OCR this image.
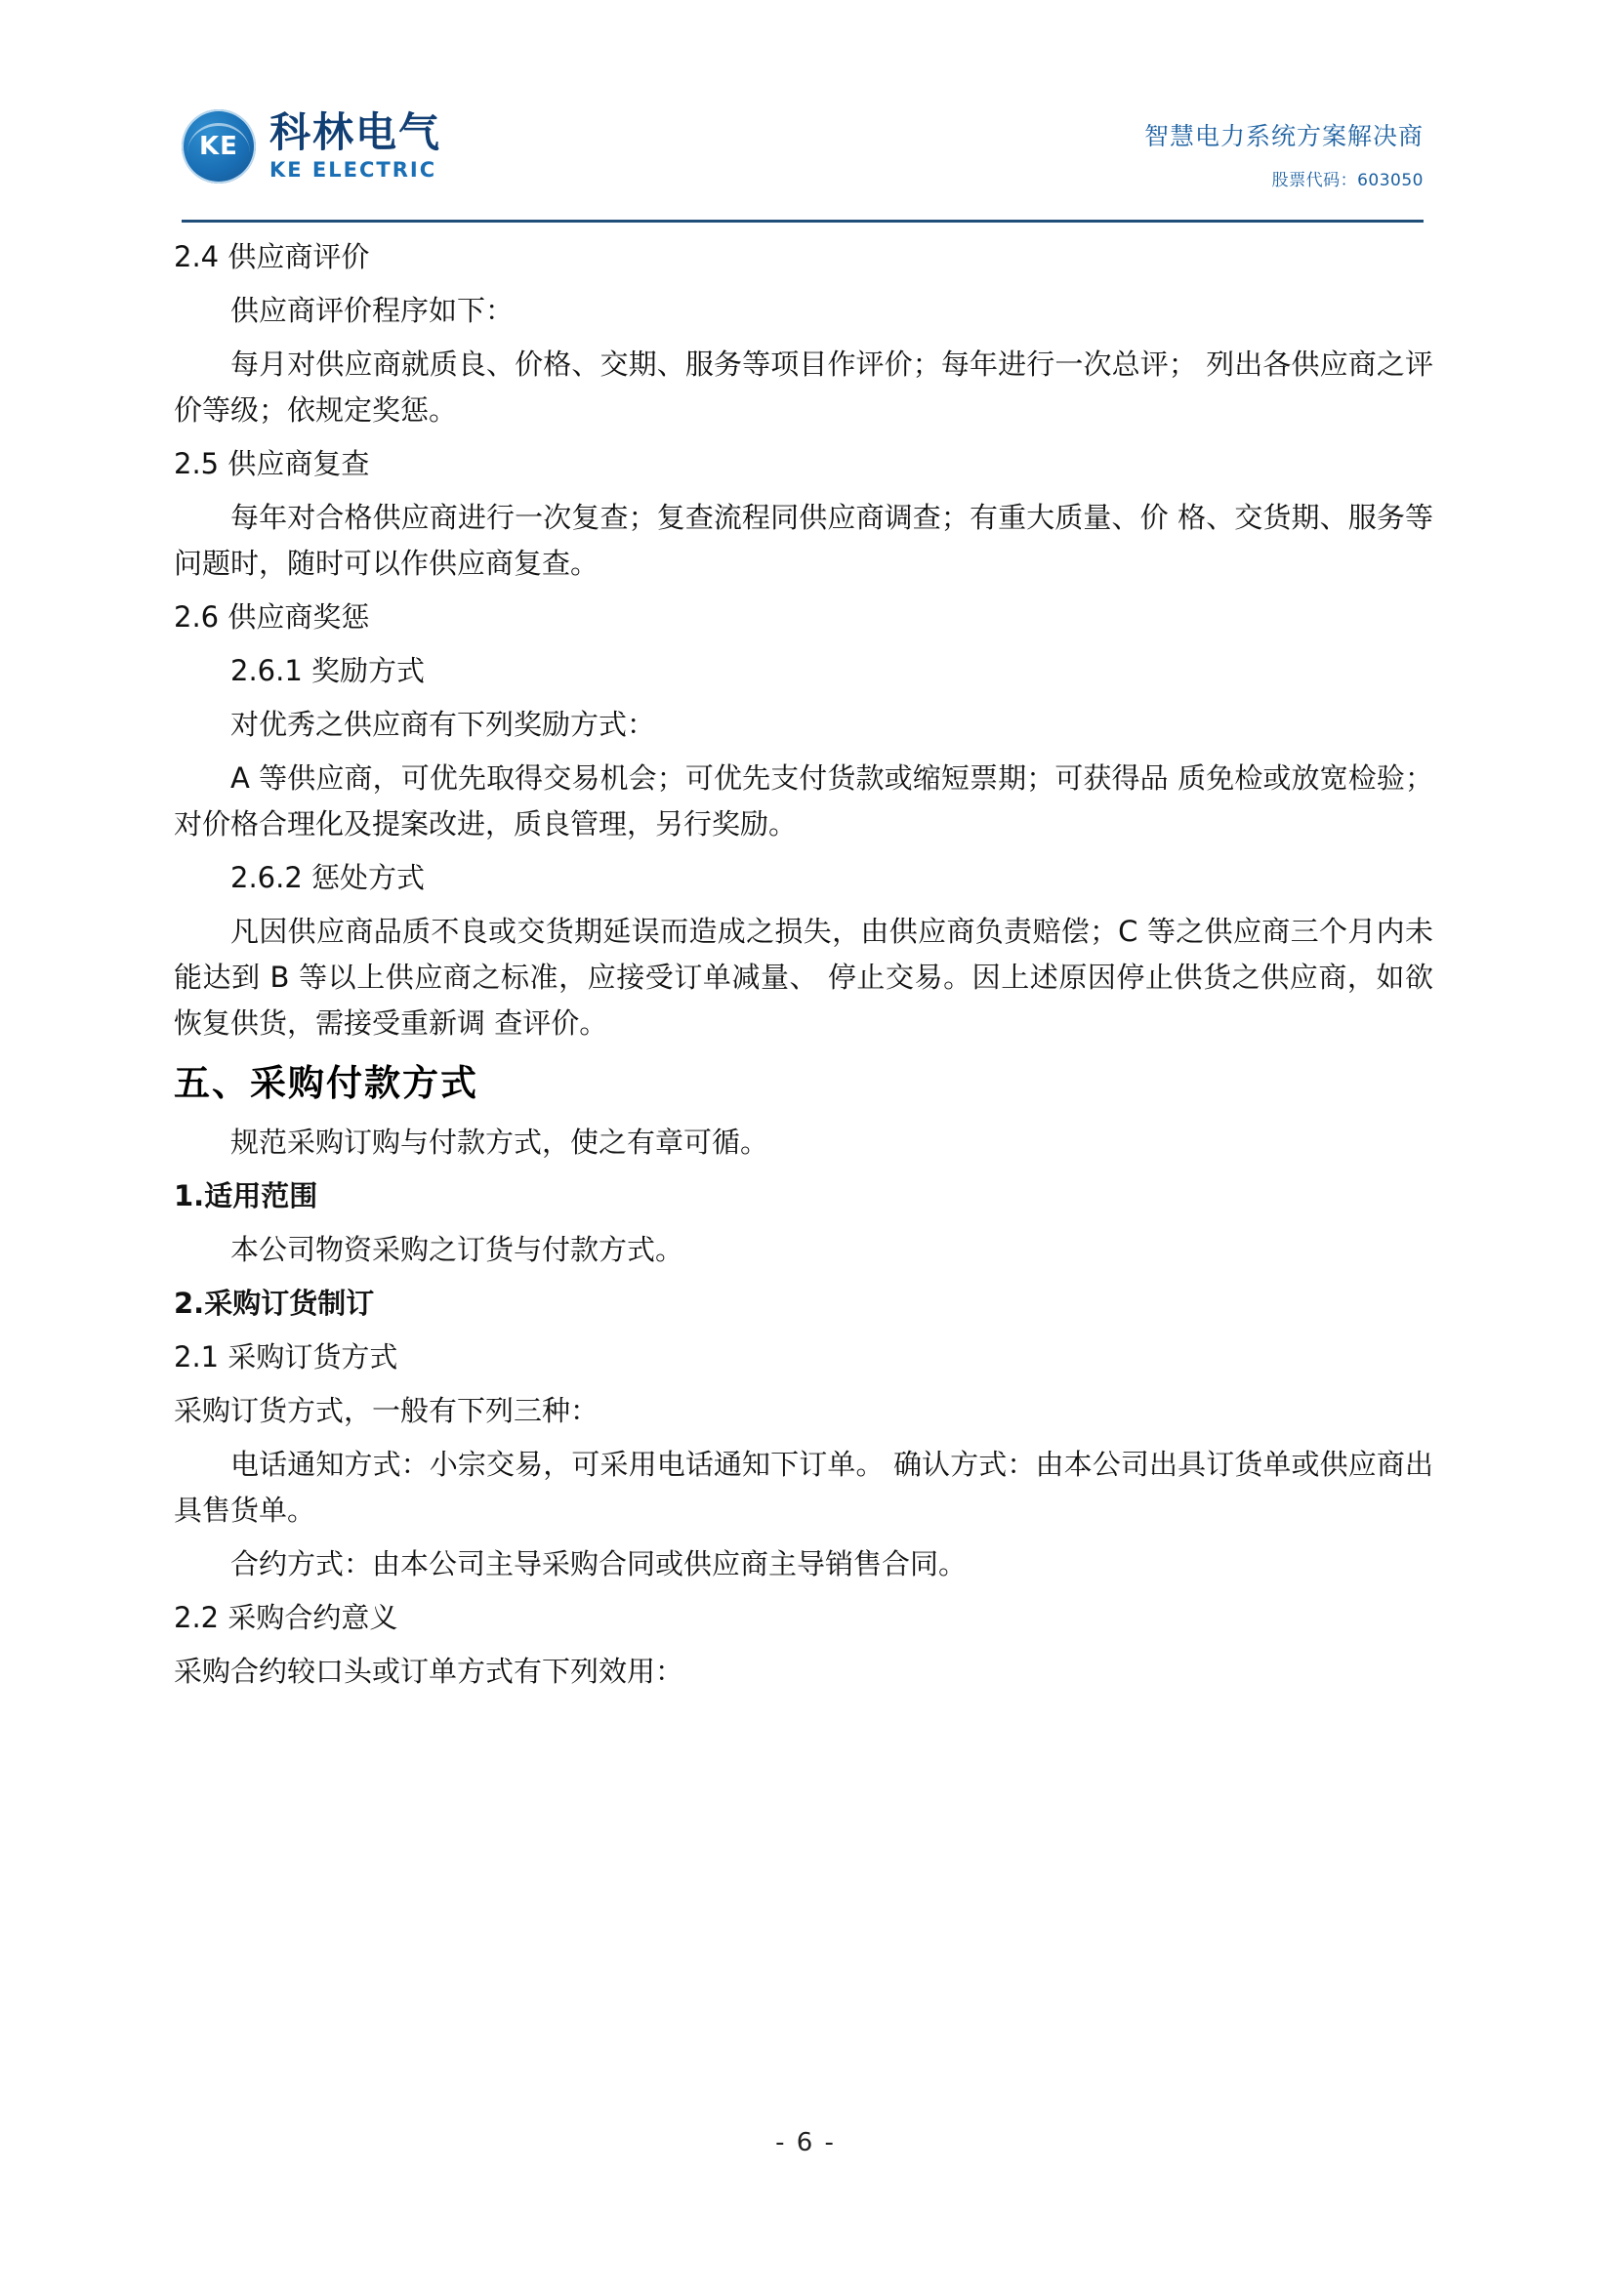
KE 科林电气
KE ELECTRIC
智慧电力系统方案解决商
股票代码：603050

2.4 供应商评价

供应商评价程序如下：

每月对供应商就质良、价格、交期、服务等项目作评价；每年进行一次总评； 列出各供应商之评价等级；依规定奖惩。

2.5 供应商复查

每年对合格供应商进行一次复查；复查流程同供应商调查；有重大质量、价 格、交货期、服务等问题时，随时可以作供应商复查。

2.6 供应商奖惩

2.6.1 奖励方式

对优秀之供应商有下列奖励方式：

A 等供应商，可优先取得交易机会；可优先支付货款或缩短票期；可获得品 质免检或放宽检验；对价格合理化及提案改进，质良管理，另行奖励。

2.6.2 惩处方式

凡因供应商品质不良或交货期延误而造成之损失，由供应商负责赔偿；C 等之供应商三个月内未能达到 B 等以上供应商之标准，应接受订单减量、 停止交易。因上述原因停止供货之供应商，如欲恢复供货，需接受重新调 查评价。

五、采购付款方式

规范采购订购与付款方式，使之有章可循。

1.适用范围

本公司物资采购之订货与付款方式。

2.采购订货制订

2.1 采购订货方式

采购订货方式，一般有下列三种：

电话通知方式：小宗交易，可采用电话通知下订单。 确认方式：由本公司出具订货单或供应商出具售货单。

合约方式：由本公司主导采购合同或供应商主导销售合同。

2.2 采购合约意义

采购合约较口头或订单方式有下列效用：

- 6 -
